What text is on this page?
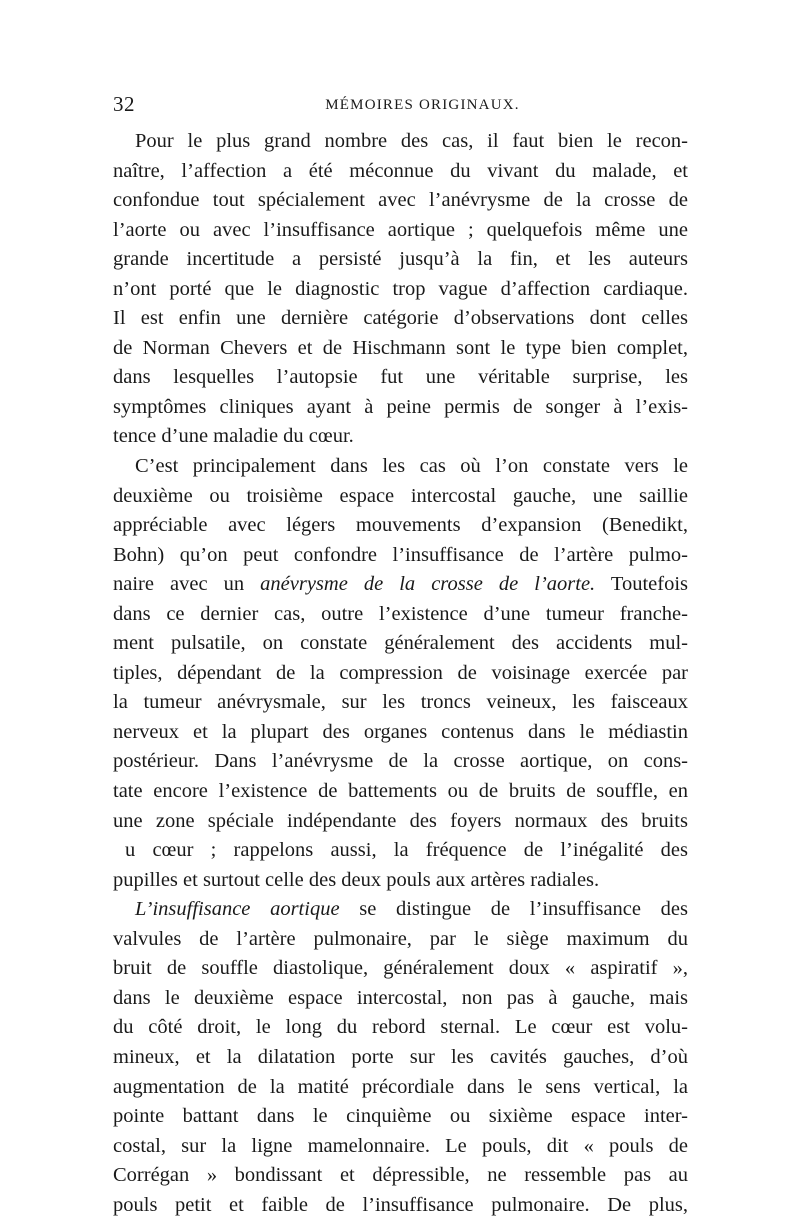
32	MÉMOIRES ORIGINAUX.
Pour le plus grand nombre des cas, il faut bien le recon-
naître, l’affection a été méconnue du vivant du malade, et
confondue tout spécialement avec l’anévrysme de la crosse de
l’aorte ou avec l’insuffisance aortique ; quelquefois même une
grande incertitude a persisté jusqu’à la fin, et les auteurs
n’ont porté que le diagnostic trop vague d’affection cardiaque.
Il est enfin une dernière catégorie d’observations dont celles
de Norman Chevers et de Hischmann sont le type bien complet,
dans lesquelles l’autopsie fut une véritable surprise, les
symptômes cliniques ayant à peine permis de songer à l’exis-
tence d’une maladie du cœur.
C’est principalement dans les cas où l’on constate vers le
deuxième ou troisième espace intercostal gauche, une saillie
appréciable avec légers mouvements d’expansion (Benedikt,
Bohn) qu’on peut confondre l’insuffisance de l’artère pulmo-
naire avec un anévrysme de la crosse de l’aorte. Toutefois
dans ce dernier cas, outre l’existence d’une tumeur franche-
ment pulsatile, on constate généralement des accidents mul-
tiples, dépendant de la compression de voisinage exercée par
la tumeur anévrysmale, sur les troncs veineux, les faisceaux
nerveux et la plupart des organes contenus dans le médiastin
postérieur. Dans l’anévrysme de la crosse aortique, on cons-
tate encore l’existence de battements ou de bruits de souffle, en
une zone spéciale indépendante des foyers normaux des bruits
u cœur ; rappelons aussi, la fréquence de l’inégalité des
pupilles et surtout celle des deux pouls aux artères radiales.
L’insuffisance aortique se distingue de l’insuffisance des
valvules de l’artère pulmonaire, par le siège maximum du
bruit de souffle diastolique, généralement doux « aspiratif »,
dans le deuxième espace intercostal, non pas à gauche, mais
du côté droit, le long du rebord sternal. Le cœur est volu-
mineux, et la dilatation porte sur les cavités gauches, d’où
augmentation de la matité précordiale dans le sens vertical, la
pointe battant dans le cinquième ou sixième espace inter-
costal, sur la ligne mamelonnaire. Le pouls, dit « pouls de
Corrégan » bondissant et dépressible, ne ressemble pas au
pouls petit et faible de l’insuffisance pulmonaire. De plus,
